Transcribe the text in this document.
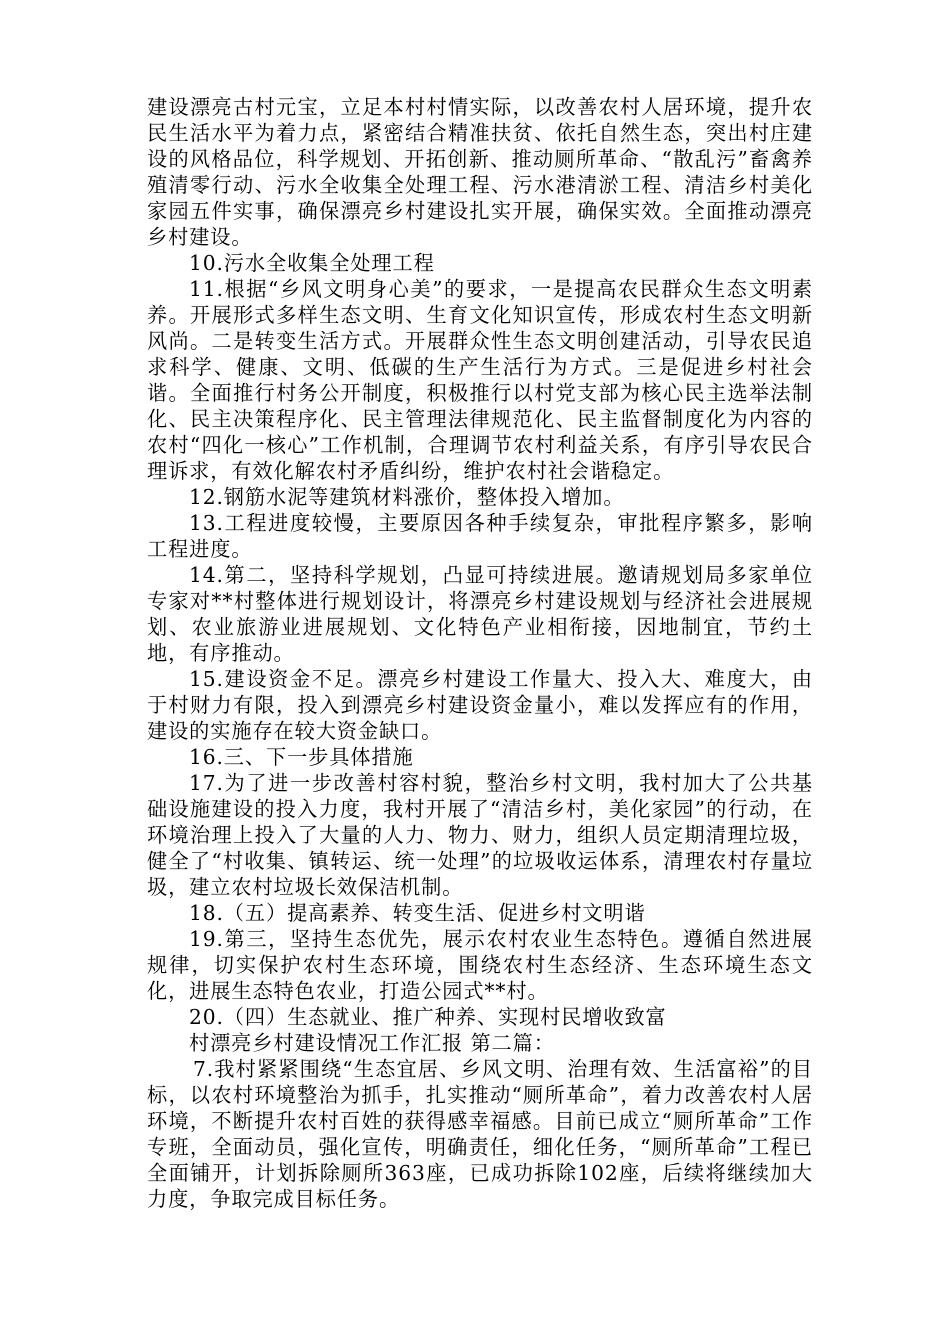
建设漂亮古村元宝，立足本村村情实际，以改善农村人居环境，提升农民生活水平为着力点，紧密结合精准扶贫、依托自然生态，突出村庄建设的风格品位，科学规划、开拓创新、推动厕所革命、“散乱污”畜禽养殖清零行动、污水全收集全处理工程、污水港清淤工程、清洁乡村美化家园五件实事，确保漂亮乡村建设扎实开展，确保实效。全面推动漂亮乡村建设。

10.污水全收集全处理工程

11.根据“乡风文明身心美”的要求，一是提高农民群众生态文明素养。开展形式多样生态文明、生育文化知识宣传，形成农村生态文明新风尚。二是转变生活方式。开展群众性生态文明创建活动，引导农民追求科学、健康、文明、低碳的生产生活行为方式。三是促进乡村社会谐。全面推行村务公开制度，积极推行以村党支部为核心民主选举法制化、民主决策程序化、民主管理法律规范化、民主监督制度化为内容的农村“四化一核心”工作机制，合理调节农村利益关系，有序引导农民合理诉求，有效化解农村矛盾纠纷，维护农村社会谐稳定。

12.钢筋水泥等建筑材料涨价，整体投入增加。

13.工程进度较慢，主要原因各种手续复杂，审批程序繁多，影响工程进度。

14.第二，坚持科学规划，凸显可持续进展。邀请规划局多家单位专家对**村整体进行规划设计，将漂亮乡村建设规划与经济社会进展规划、农业旅游业进展规划、文化特色产业相衔接，因地制宜，节约土地，有序推动。

15.建设资金不足。漂亮乡村建设工作量大、投入大、难度大，由于村财力有限，投入到漂亮乡村建设资金量小，难以发挥应有的作用，建设的实施存在较大资金缺口。

16.三、下一步具体措施

17.为了进一步改善村容村貌，整治乡村文明，我村加大了公共基础设施建设的投入力度，我村开展了“清洁乡村，美化家园”的行动，在环境治理上投入了大量的人力、物力、财力，组织人员定期清理垃圾，健全了“村收集、镇转运、统一处理”的垃圾收运体系，清理农村存量垃圾，建立农村垃圾长效保洁机制。

18.（五）提高素养、转变生活、促进乡村文明谐

19.第三，坚持生态优先，展示农村农业生态特色。遵循自然进展规律，切实保护农村生态环境，围绕农村生态经济、生态环境生态文化，进展生态特色农业，打造公园式**村。

20.（四）生态就业、推广种养、实现村民增收致富

村漂亮乡村建设情况工作汇报 第二篇：

7.我村紧紧围绕“生态宜居、乡风文明、治理有效、生活富裕”的目标，以农村环境整治为抓手，扎实推动“厕所革命”，着力改善农村人居环境，不断提升农村百姓的获得感幸福感。目前已成立“厕所革命”工作专班，全面动员，强化宣传，明确责任，细化任务，“厕所革命”工程已全面铺开，计划拆除厕所363座，已成功拆除102座，后续将继续加大力度，争取完成目标任务。
